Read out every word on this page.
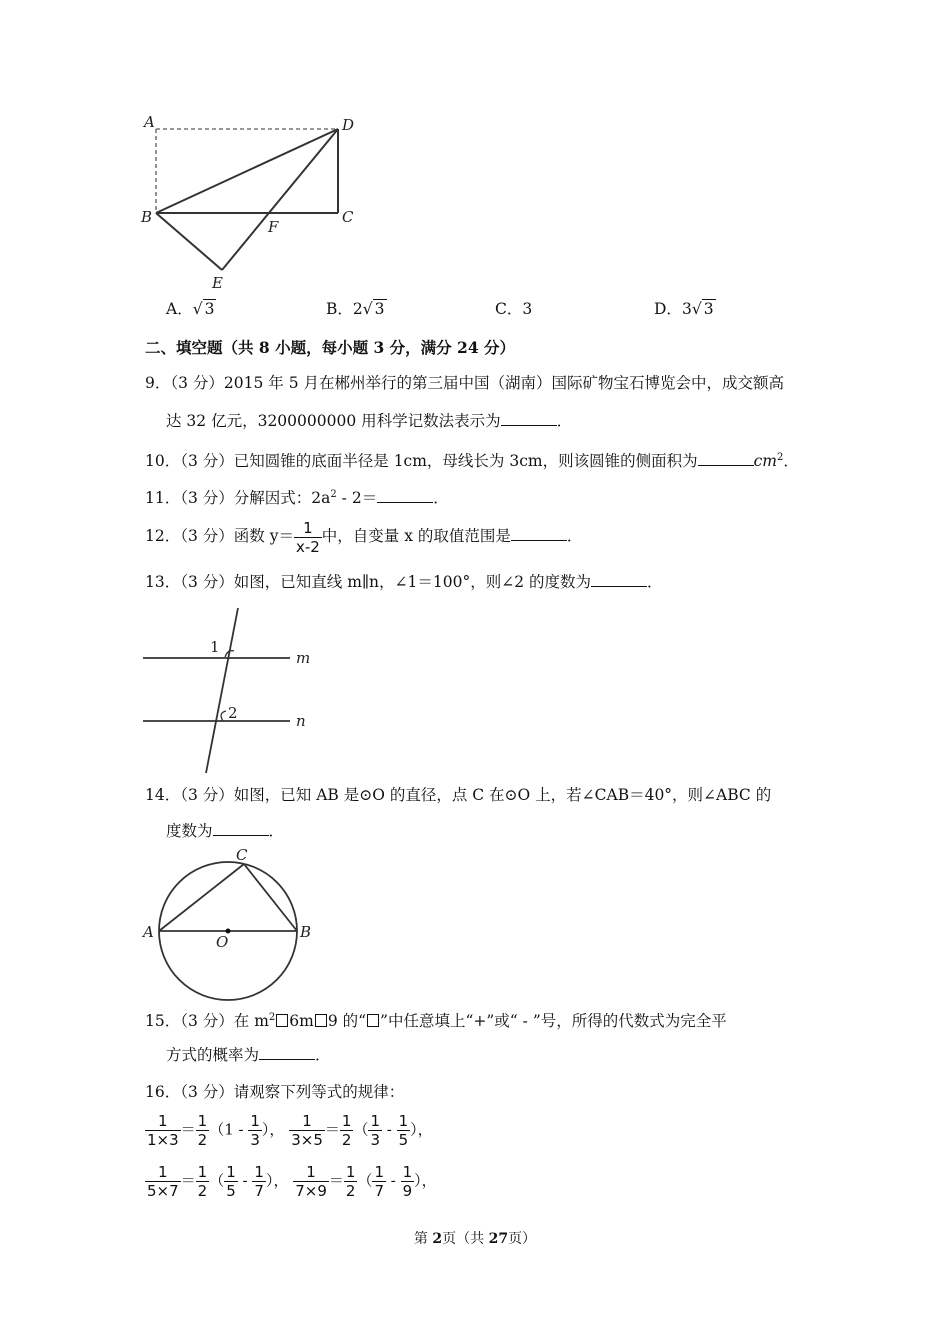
A	D
B	C
F
E
A．√ 3	B．2√ 3	C．3	D．3√ 3
二、填空题（共 8 小题，每小题 3 分，满分 24 分）
9．（3 分）2015 年 5 月在郴州举行的第三届中国（湖南）国际矿物宝石博览会中，成交额高
达 32 亿元，3200000000 用科学记数法表示为	．
10．（3 分）已知圆锥的底面半径是 1cm，母线长为 3cm，则该圆锥的侧面积为	$cm^2$．
11．（3 分）分解因式：$2a^2 - 2=$	．
12．（3 分）函数 $y= \frac{1}{x-2}$ 中，自变量 x 的取值范围是	．
13．（3 分）如图，已知直线 m∥n，∠1＝100°，则∠2 的度数为	．
1
2
m
n
14．（3 分）如图，已知 AB 是⊙O 的直径，点 C 在⊙O 上，若∠CAB＝40°，则∠ABC 的
度数为	．
A	B
C
O
15．（3 分）在 $m^2$ 6m 9 的“ ”中任意填上“+”或“ - ”号，所得的代数式为完全平
方式的概率为	．
16．（3 分）请观察下列等式的规律：
$\frac{1}{1\times 3} = \frac{1}{2} (1 - \frac{1}{3}$ ）， $\frac{1}{3\times 5} = \frac{1}{2}$ （ $\frac{1}{3} - \frac{1}{5}$ ），
$\frac{1}{5\times 7} = \frac{1}{2}$ （ $\frac{1}{5} - \frac{1}{7}$ ）， $\frac{1}{7\times 9} = \frac{1}{2}$ （ $\frac{1}{7} - \frac{1}{9}$ ），
第 2页（共 27页）
